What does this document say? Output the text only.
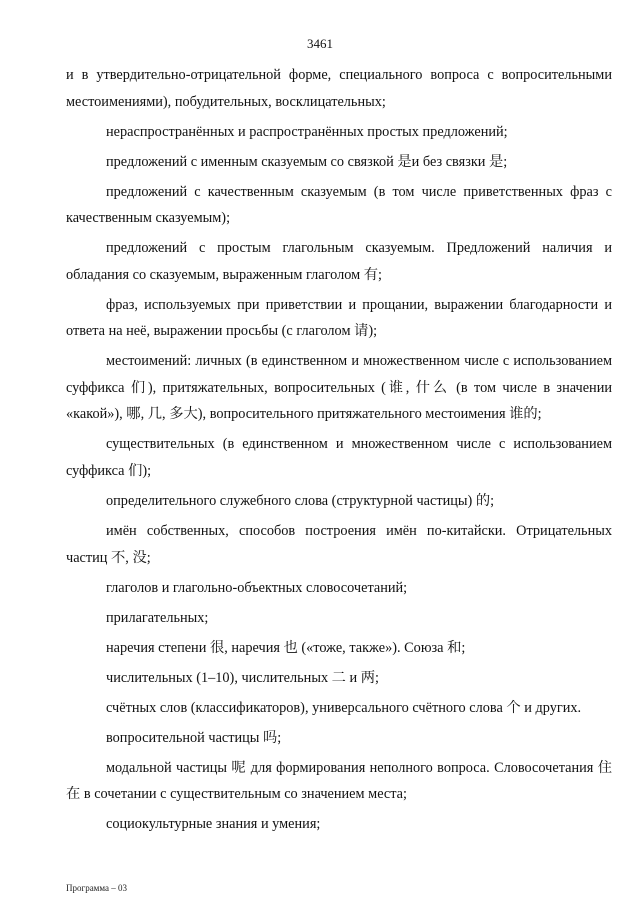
3461

и в утвердительно-отрицательной форме, специального вопроса с вопросительными местоимениями), побудительных, восклицательных;

нераспространённых и распространённых простых предложений;

предложений с именным сказуемым со связкой 是и без связки 是;

предложений с качественным сказуемым (в том числе приветственных фраз с качественным сказуемым);

предложений с простым глагольным сказуемым. Предложений наличия и обладания со сказуемым, выраженным глаголом 有;

фраз, используемых при приветствии и прощании, выражении благодарности и ответа на неё, выражении просьбы (с глаголом 请);

местоимений: личных (в единственном и множественном числе с использованием суффикса 们), притяжательных, вопросительных (谁, 什么 (в том числе в значении «какой»), 哪, 几, 多大), вопросительного притяжательного местоимения 谁的;

существительных (в единственном и множественном числе с использованием суффикса 们);

определительного служебного слова (структурной частицы) 的;

имён собственных, способов построения имён по-китайски. Отрицательных частиц 不, 没;

глаголов и глагольно-объектных словосочетаний;

прилагательных;

наречия степени 很, наречия 也 («тоже, также»). Союза 和;

числительных (1–10), числительных 二 и 两;

счётных слов (классификаторов), универсального счётного слова 个 и других.

вопросительной частицы 吗;

модальной частицы 呢 для формирования неполного вопроса. Словосочетания 住在 в сочетании с существительным со значением места;

социокультурные знания и умения;

Программа – 03
